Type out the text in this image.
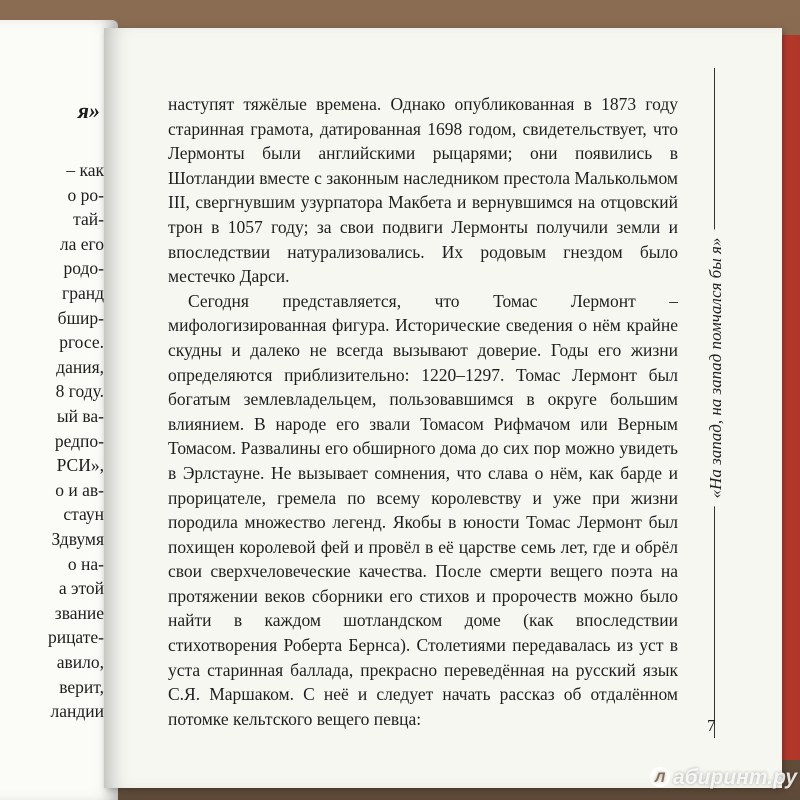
я»
– как
о ро-
тай-
ла его
родо-
гранд
бшир-
ргосе.
дания,
8 году.
ый ва-
редпо-
РСИ»,
о и ав-
стаун
Здвумя
о на-
а этой
звание
рицате-
авило,
верит,
ландии

наступят тяжёлые времена. Однако опубликованная в 1873 году старинная грамота, датированная 1698 годом, свидетельствует, что Лермонты были английскими рыцарями; они появились в Шотландии вместе с законным наследником престола Малькольмом III, свергнувшим узурпатора Макбета и вернувшимся на отцовский трон в 1057 году; за свои подвиги Лермонты получили земли и впоследствии натурализовались. Их родовым гнездом было местечко Дарси.

Сегодня представляется, что Томас Лермонт – мифологизированная фигура. Исторические сведения о нём крайне скудны и далеко не всегда вызывают доверие. Годы его жизни определяются приблизительно: 1220–1297. Томас Лермонт был богатым землевладельцем, пользовавшимся в округе большим влиянием. В народе его звали Томасом Рифмачом или Верным Томасом. Развалины его обширного дома до сих пор можно увидеть в Эрлстауне. Не вызывает сомнения, что слава о нём, как барде и прорицателе, гремела по всему королевству и уже при жизни породила множество легенд. Якобы в юности Томас Лермонт был похищен королевой фей и провёл в её царстве семь лет, где и обрёл свои сверхчеловеческие качества. После смерти вещего поэта на протяжении веков сборники его стихов и пророчеств можно было найти в каждом шотландском доме (как впоследствии стихотворения Роберта Бернса). Столетиями передавалась из уст в уста старинная баллада, прекрасно переведённая на русский язык С.Я. Маршаком. С неё и следует начать рассказ об отдалённом потомке кельтского вещего певца:

«На запад, на запад помчался бы я»
7
Л абиринт.ру
